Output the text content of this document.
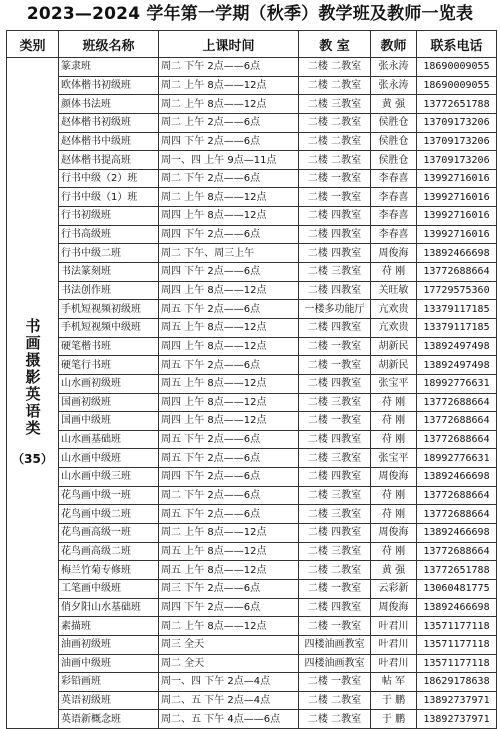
2023—2024 学年第一学期（秋季）教学班及教师一览表
类别	班级名称	上课时间	教 室	教师	联系电话
书画摄影英语类
（35）	篆隶班	周二 下午 2点——6点	二楼 二教室	张永涛	18690009055
	欧体楷书初级班	周二 上午 8点——12点	二楼 二教室	张永涛	18690009055
	颜体书法班	周二 上午 8点——12点	二楼 三教室	黄 强	13772651788
	赵体楷书初级班	周二 上午 2点——6点	二楼 二教室	侯胜仓	13709173206
	赵体楷书中级班	周四 下午 2点——6点	二楼 二教室	侯胜仓	13709173206
	赵体楷书提高班	周一、四 上午 9点—11点	二楼 二教室	侯胜仓	13709173206
	行书中级（2）班	周二 下午 2点——6点	二楼 一教室	李春喜	13992716016
	行书中级（1）班	周二 上午 8点——12点	二楼 一教室	李春喜	13992716016
	行书初级班	周四 上午 8点——12点	二楼 四教室	李春喜	13992716016
	行书高级班	周四 下午 2点——6点	二楼 四教室	李春喜	13992716016
	行书中级二班	周二 下午、周三上午	二楼 四教室	周俊海	13892466698
	书法篆刻班	周四 下午 2点——6点	二楼 三教室	苻 刚	13772688664
	书法创作班	周四 上午 8点——12点	二楼 四教室	关旺敏	17729575360
	手机短视频初级班	周五 下午 2点——6点	一楼多功能厅	亢欢贵	13379117185
	手机短视频中级班	周五 上午 8点——12点	二楼 四教室	亢欢贵	13379117185
	硬笔楷书班	周四 上午 8点——12点	二楼 一教室	胡新民	13892497498
	硬笔行书班	周五 下午 2点——6点	二楼 一教室	胡新民	13892497498
	山水画初级班	周五 上午 8点——12点	二楼 四教室	张宝平	18992776631
	国画初级班	周四 上午 8点——12点	二楼 三教室	苻 刚	13772688664
	国画中级班	周四 上午 8点——12点	二楼 一教室	苻 刚	13772688664
	山水画基础班	周五 下午 2点——6点	二楼 四教室	苻 刚	13772688664
	山水画中级班	周五 下午 2点——6点	二楼 三教室	张宝平	18992776631
	山水画中级三班	周四 下午 2点——6点	二楼 四教室	周俊海	13892466698
	花鸟画中级一班	周二 下午 2点——6点	二楼 三教室	苻 刚	13772688664
	花鸟画中级二班	周五 下午 2点——6点	二楼 三教室	苻 刚	13772688664
	花鸟画高级一班	周二 上午 8点——12点	二楼 四教室	周俊海	13892466698
	花鸟画高级二班	周五 上午 8点——12点	二楼 三教室	苻 刚	13772688664
	梅兰竹菊专修班	周五 上午 8点——12点	二楼 二教室	黄 强	13772651788
	工笔画中级班	周三 下午 2点——6点	二楼 一教室	云彩新	13060481775
	俏夕阳山水基础班	周四 下午 2点——6点	二楼 四教室	周俊海	13892466698
	素描班	周二 上午 8点——12点	二楼 一教室	叶君川	13571177118
	油画初级班	周三 全天	四楼油画教室	叶君川	13571177118
	油画中级班	周二 全天	四楼油画教室	叶君川	13571177118
	彩铅画班	周一、四 下午 2点—4点	二楼 一教室	帖 军	18629178638
	英语初级班	周二、五 下午 2点—4点	二楼 二教室	于 鹏	13892737971
	英语新概念班	周二、五 下午 4点——6点	二楼 二教室	于 鹏	13892737971
